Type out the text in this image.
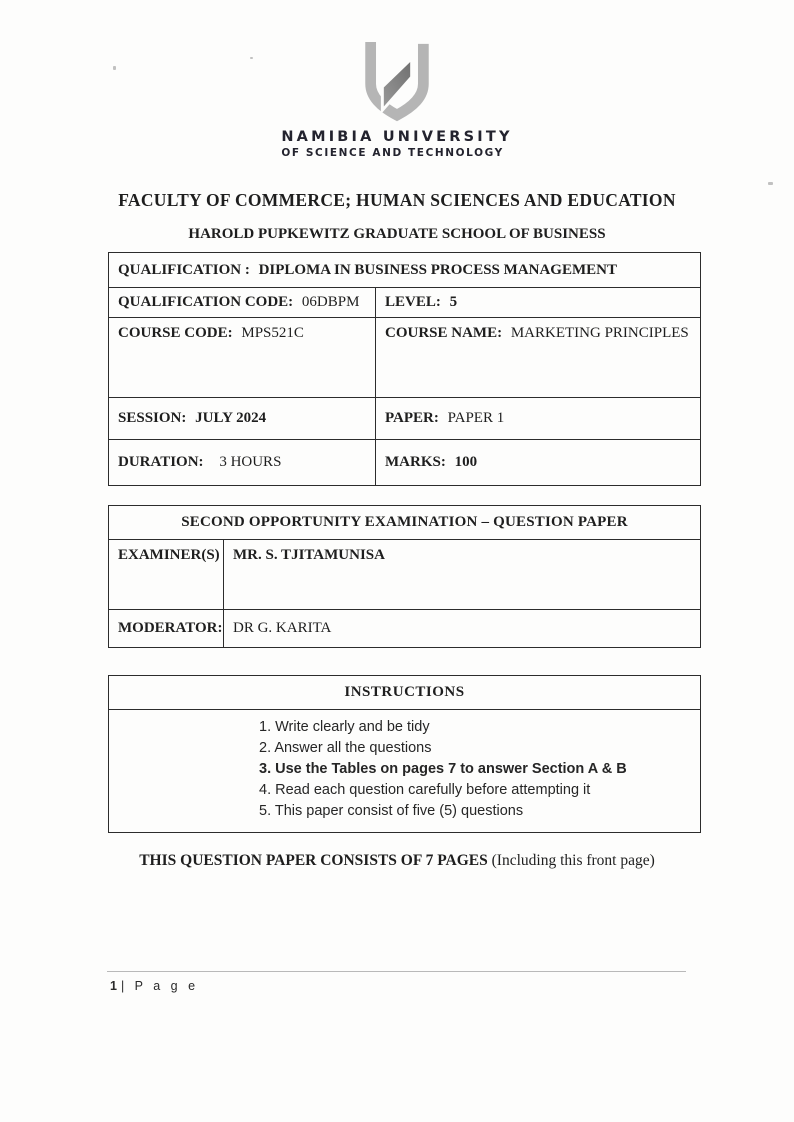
NAMIBIA UNIVERSITY
OF SCIENCE AND TECHNOLOGY
FACULTY OF COMMERCE; HUMAN SCIENCES AND EDUCATION
HAROLD PUPKEWITZ GRADUATE SCHOOL OF BUSINESS
QUALIFICATION : DIPLOMA IN BUSINESS PROCESS MANAGEMENT	
QUALIFICATION CODE: 06DBPM	LEVEL: 5
COURSE CODE: MPS521C	COURSE NAME: MARKETING PRINCIPLES
SESSION: JULY 2024	PAPER: PAPER 1
DURATION: 3 HOURS	MARKS: 100
SECOND OPPORTUNITY EXAMINATION – QUESTION PAPER	
EXAMINER(S)	MR. S. TJITAMUNISA
MODERATOR:	DR G. KARITA
INSTRUCTIONS

1. Write clearly and be tidy
2. Answer all the questions
3. Use the Tables on pages 7 to answer Section A & B
4. Read each question carefully before attempting it
5. This paper consist of five (5) questions
THIS QUESTION PAPER CONSISTS OF 7 PAGES (Including this front page)
1 | P a g e
